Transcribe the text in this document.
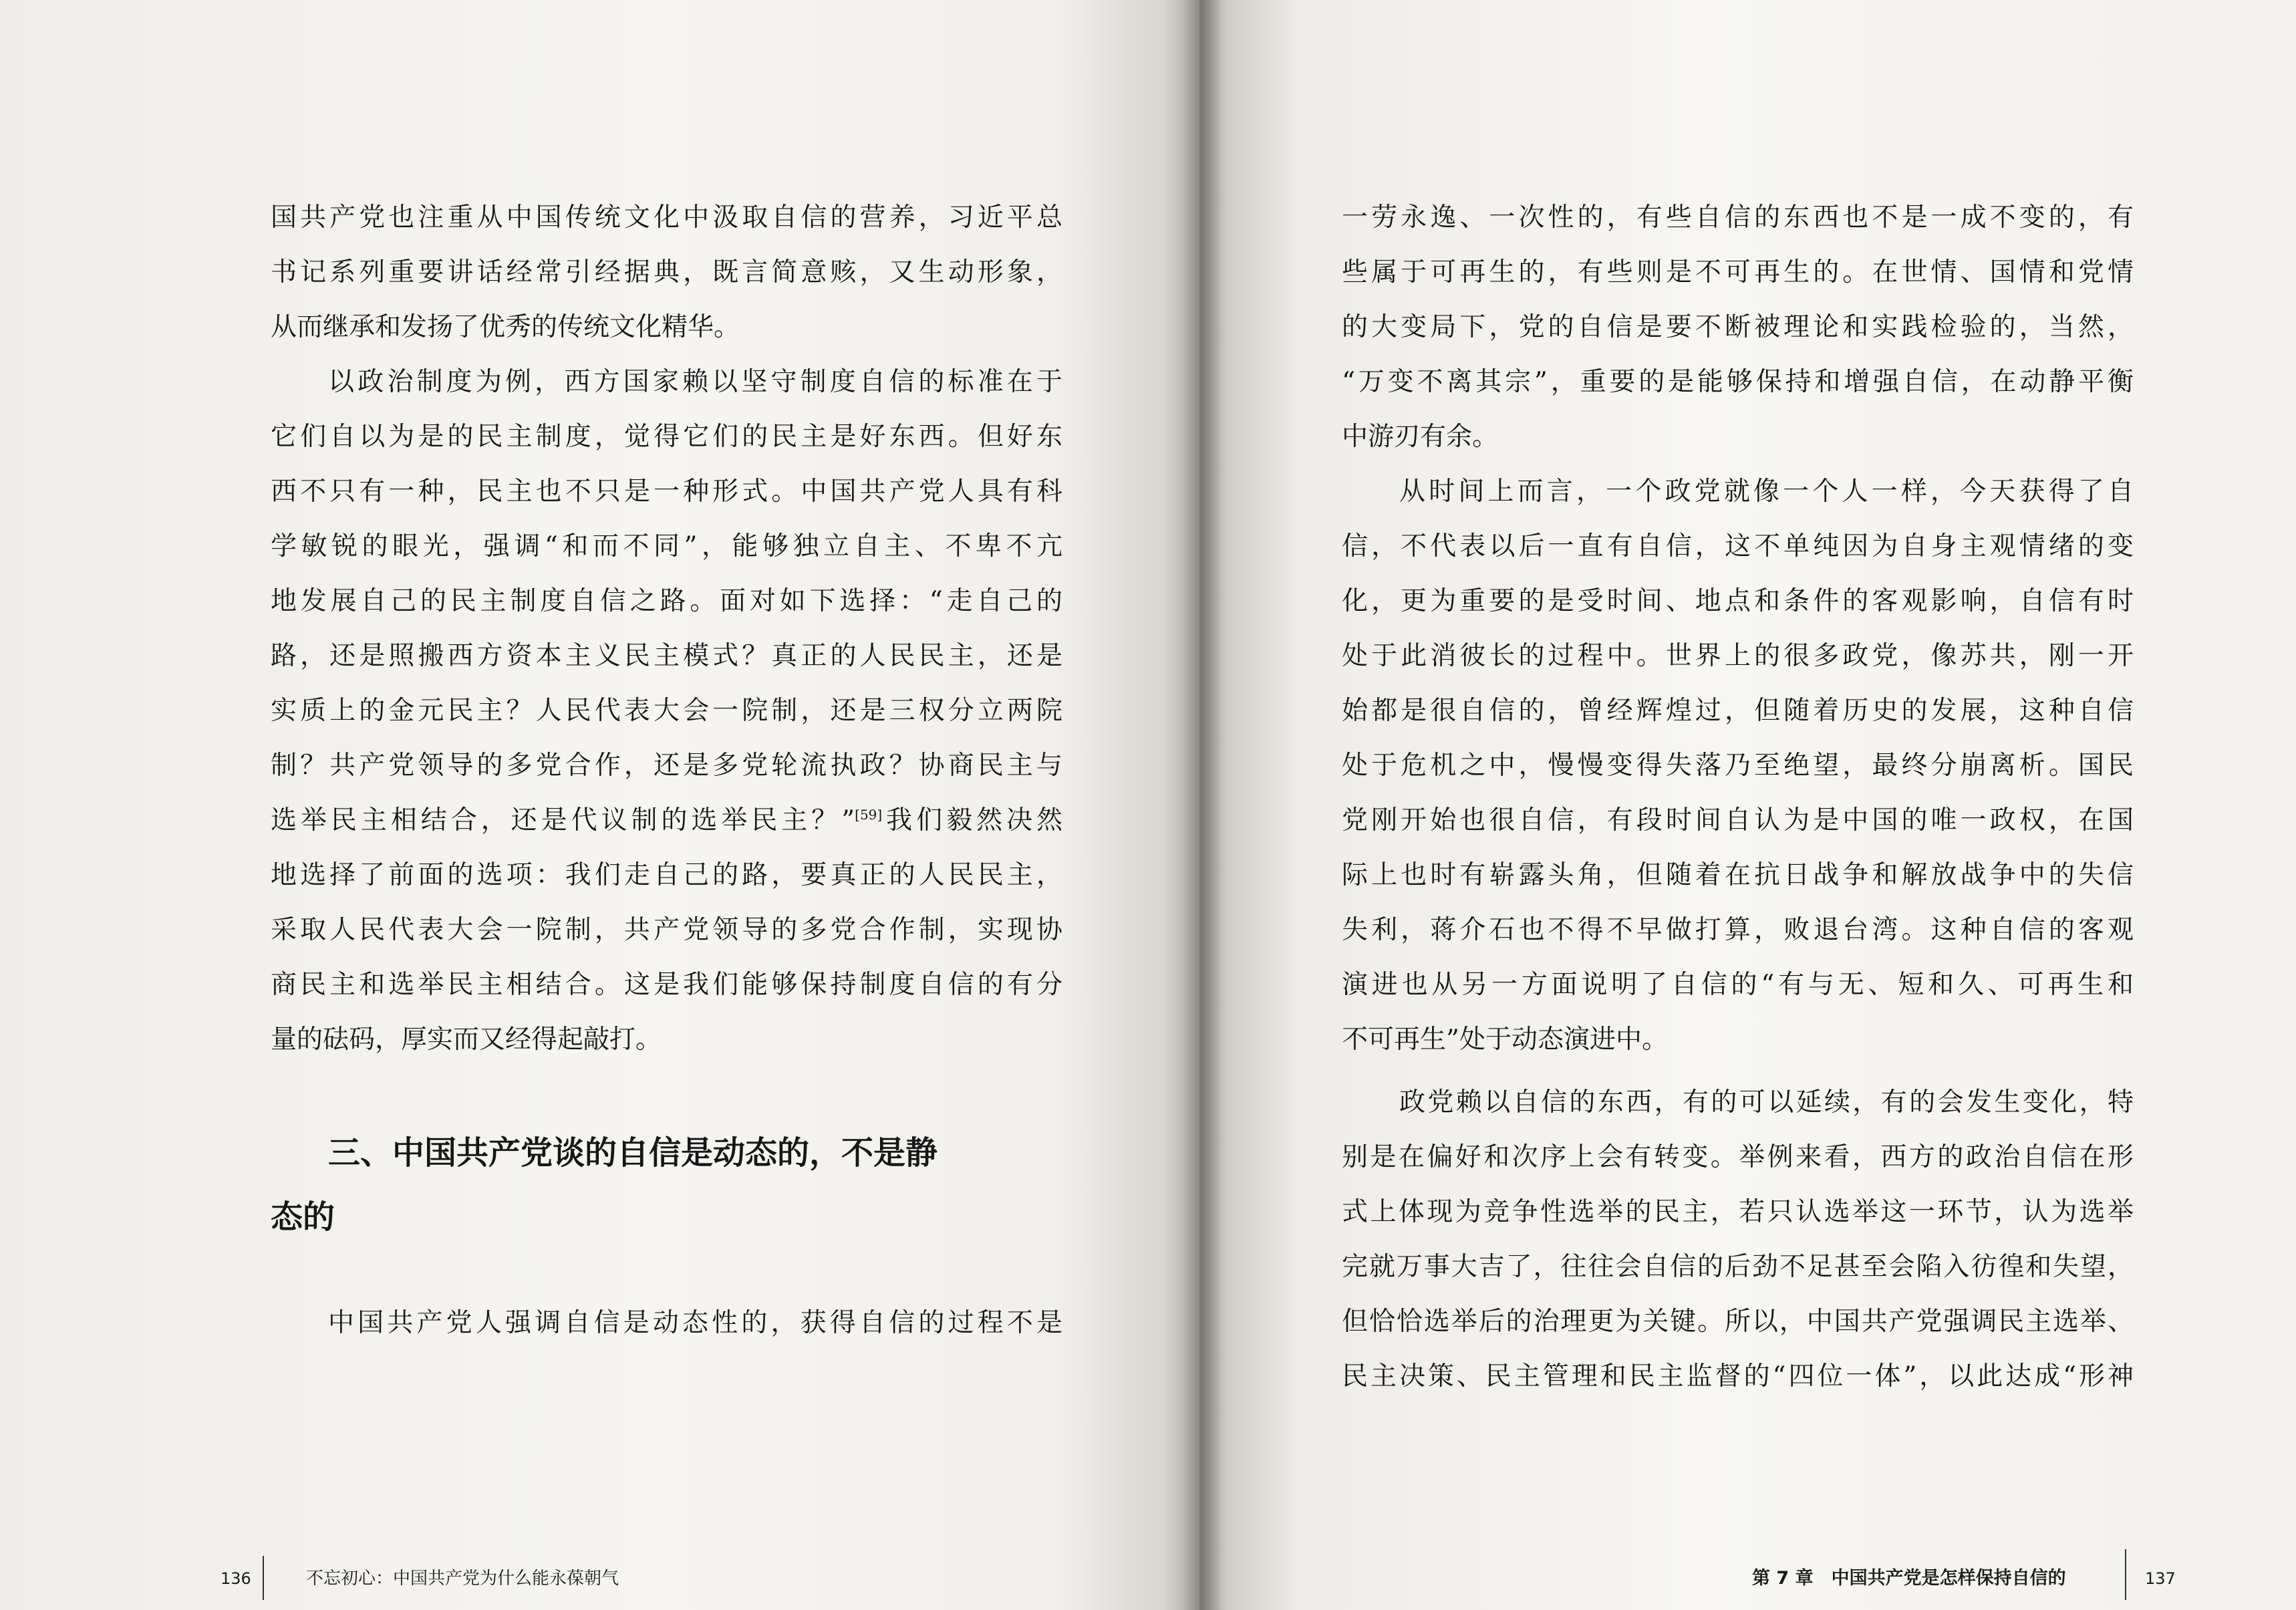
国共产党也注重从中国传统文化中汲取自信的营养，习近平总
书记系列重要讲话经常引经据典，既言简意赅，又生动形象，
从而继承和发扬了优秀的传统文化精华。
以政治制度为例，西方国家赖以坚守制度自信的标准在于
它们自以为是的民主制度，觉得它们的民主是好东西。但好东
西不只有一种，民主也不只是一种形式。中国共产党人具有科
学敏锐的眼光，强调“和而不同”，能够独立自主、不卑不亢
地发展自己的民主制度自信之路。面对如下选择：“走自己的
路，还是照搬西方资本主义民主模式？真正的人民民主，还是
实质上的金元民主？人民代表大会一院制，还是三权分立两院
制？共产党领导的多党合作，还是多党轮流执政？协商民主与
选举民主相结合，还是代议制的选举民主？”[59]我们毅然决然
地选择了前面的选项：我们走自己的路，要真正的人民民主，
采取人民代表大会一院制，共产党领导的多党合作制，实现协
商民主和选举民主相结合。这是我们能够保持制度自信的有分
量的砝码，厚实而又经得起敲打。
三、中国共产党谈的自信是动态的，不是静
态的
中国共产党人强调自信是动态性的，获得自信的过程不是
136	不忘初心：中国共产党为什么能永葆朝气
一劳永逸、一次性的，有些自信的东西也不是一成不变的，有
些属于可再生的，有些则是不可再生的。在世情、国情和党情
的大变局下，党的自信是要不断被理论和实践检验的，当然，
“万变不离其宗”，重要的是能够保持和增强自信，在动静平衡
中游刃有余。
从时间上而言，一个政党就像一个人一样，今天获得了自
信，不代表以后一直有自信，这不单纯因为自身主观情绪的变
化，更为重要的是受时间、地点和条件的客观影响，自信有时
处于此消彼长的过程中。世界上的很多政党，像苏共，刚一开
始都是很自信的，曾经辉煌过，但随着历史的发展，这种自信
处于危机之中，慢慢变得失落乃至绝望，最终分崩离析。国民
党刚开始也很自信，有段时间自认为是中国的唯一政权，在国
际上也时有崭露头角，但随着在抗日战争和解放战争中的失信
失利，蒋介石也不得不早做打算，败退台湾。这种自信的客观
演进也从另一方面说明了自信的“有与无、短和久、可再生和
不可再生”处于动态演进中。
政党赖以自信的东西，有的可以延续，有的会发生变化，特
别是在偏好和次序上会有转变。举例来看，西方的政治自信在形
式上体现为竞争性选举的民主，若只认选举这一环节，认为选举
完就万事大吉了，往往会自信的后劲不足甚至会陷入彷徨和失望，
但恰恰选举后的治理更为关键。所以，中国共产党强调民主选举、
民主决策、民主管理和民主监督的“四位一体”，以此达成“形神
第 7 章　中国共产党是怎样保持自信的	137
